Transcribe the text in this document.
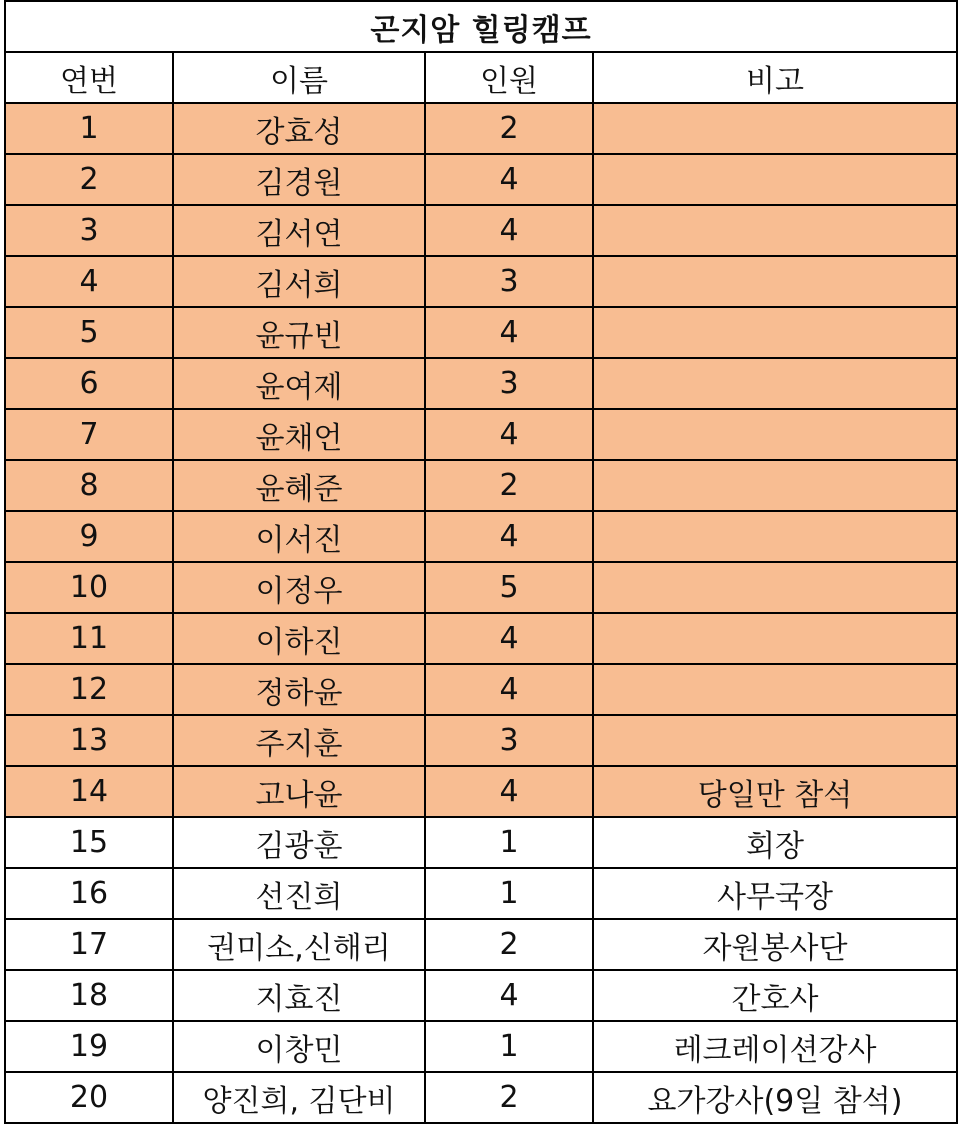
곤지암 힐링캠프			
연번	이름	인원	비고
1	강효성	2	
2	김경원	4	
3	김서연	4	
4	김서희	3	
5	윤규빈	4	
6	윤여제	3	
7	윤채언	4	
8	윤혜준	2	
9	이서진	4	
10	이정우	5	
11	이하진	4	
12	정하윤	4	
13	주지훈	3	
14	고나윤	4	당일만 참석
15	김광훈	1	회장
16	선진희	1	사무국장
17	권미소,신해리	2	자원봉사단
18	지효진	4	간호사
19	이창민	1	레크레이션강사
20	양진희, 김단비	2	요가강사(9일 참석)
